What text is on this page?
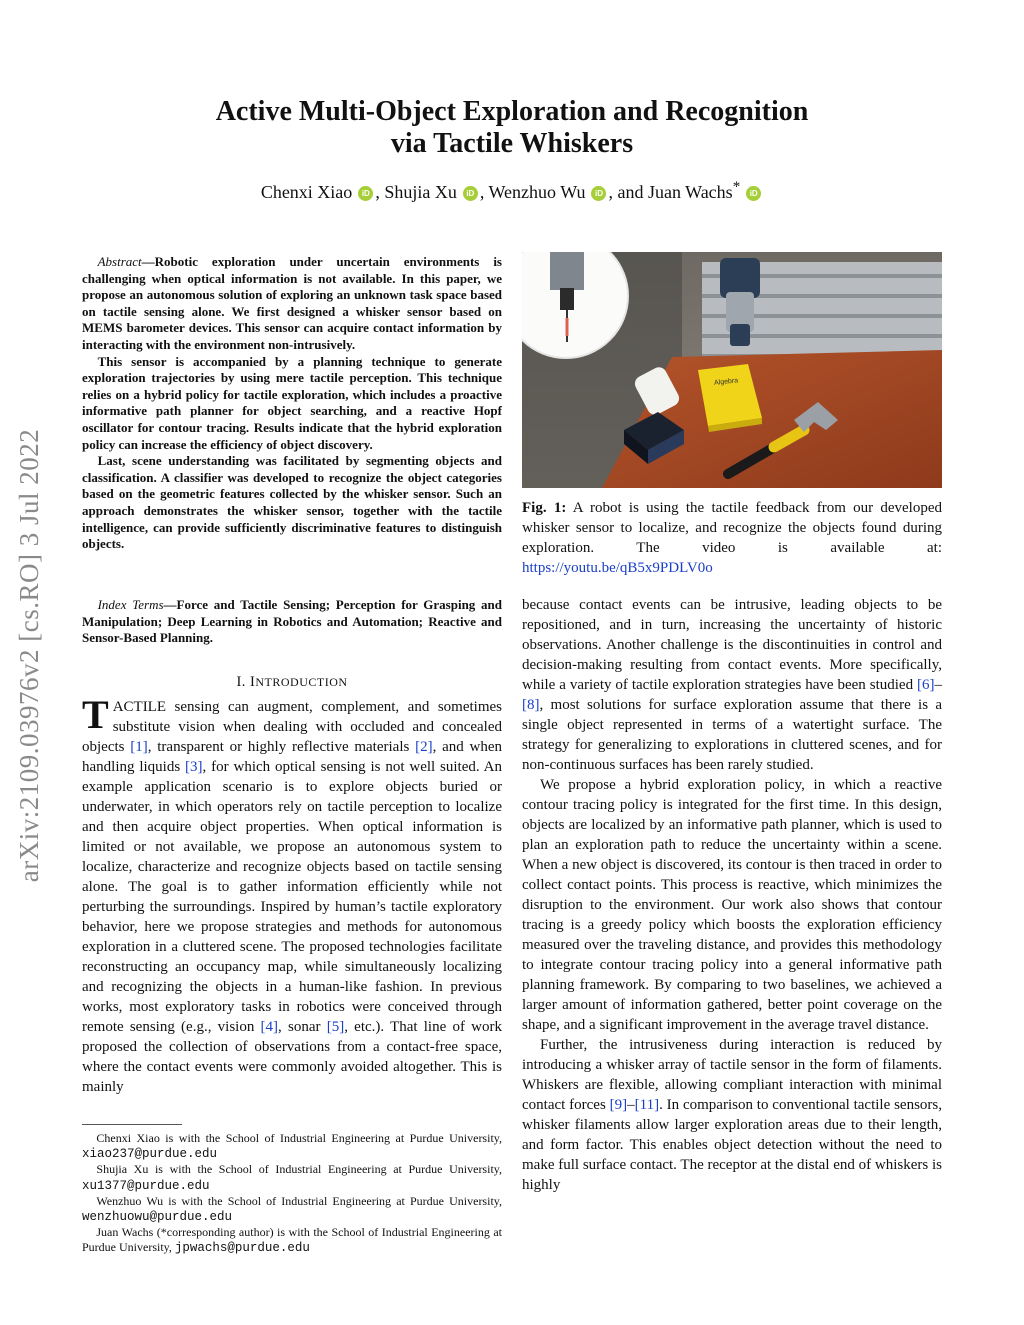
arXiv:2109.03976v2 [cs.RO] 3 Jul 2022
Active Multi-Object Exploration and Recognition
via Tactile Whiskers
Chenxi Xiao iD , Shujia Xu iD , Wenzhuo Wu iD , and Juan Wachs* iD

Abstract—Robotic exploration under uncertain environments is challenging when optical information is not available. In this paper, we propose an autonomous solution of exploring an unknown task space based on tactile sensing alone. We first designed a whisker sensor based on MEMS barometer devices. This sensor can acquire contact information by interacting with the environment non-intrusively.

This sensor is accompanied by a planning technique to generate exploration trajectories by using mere tactile perception. This technique relies on a hybrid policy for tactile exploration, which includes a proactive informative path planner for object searching, and a reactive Hopf oscillator for contour tracing. Results indicate that the hybrid exploration policy can increase the efficiency of object discovery.

Last, scene understanding was facilitated by segmenting objects and classification. A classifier was developed to recognize the object categories based on the geometric features collected by the whisker sensor. Such an approach demonstrates the whisker sensor, together with the tactile intelligence, can provide sufficiently discriminative features to distinguish objects.

Index Terms—Force and Tactile Sensing; Perception for Grasping and Manipulation; Deep Learning in Robotics and Automation; Reactive and Sensor-Based Planning.
I. INTRODUCTION

TACTILE sensing can augment, complement, and sometimes substitute vision when dealing with occluded and concealed objects [1], transparent or highly reflective materials [2], and when handling liquids [3], for which optical sensing is not well suited. An example application scenario is to explore objects buried or underwater, in which operators rely on tactile perception to localize and then acquire object properties. When optical information is limited or not available, we propose an autonomous system to localize, characterize and recognize objects based on tactile sensing alone. The goal is to gather information efficiently while not perturbing the surroundings. Inspired by human’s tactile exploratory behavior, here we propose strategies and methods for autonomous exploration in a cluttered scene. The proposed technologies facilitate reconstructing an occupancy map, while simultaneously localizing and recognizing the objects in a human-like fashion. In previous works, most exploratory tasks in robotics were conceived through remote sensing (e.g., vision [4], sonar [5], etc.). That line of work proposed the collection of observations from a contact-free space, where the contact events were commonly avoided altogether. This is mainly

Chenxi Xiao is with the School of Industrial Engineering at Purdue University, xiao237@purdue.edu

Shujia Xu is with the School of Industrial Engineering at Purdue University, xu1377@purdue.edu

Wenzhuo Wu is with the School of Industrial Engineering at Purdue University, wenzhuowu@purdue.edu

Juan Wachs (*corresponding author) is with the School of Industrial Engineering at Purdue University, jpwachs@purdue.edu

Algebra
Fig. 1: A robot is using the tactile feedback from our developed whisker sensor to localize, and recognize the objects found during exploration. The video is available at: https://youtu.be/qB5x9PDLV0o

because contact events can be intrusive, leading objects to be repositioned, and in turn, increasing the uncertainty of historic observations. Another challenge is the discontinuities in control and decision-making resulting from contact events. More specifically, while a variety of tactile exploration strategies have been studied [6]–[8], most solutions for surface exploration assume that there is a single object represented in terms of a watertight surface. The strategy for generalizing to explorations in cluttered scenes, and for non-continuous surfaces has been rarely studied.

We propose a hybrid exploration policy, in which a reactive contour tracing policy is integrated for the first time. In this design, objects are localized by an informative path planner, which is used to plan an exploration path to reduce the uncertainty within a scene. When a new object is discovered, its contour is then traced in order to collect contact points. This process is reactive, which minimizes the disruption to the environment. Our work also shows that contour tracing is a greedy policy which boosts the exploration efficiency measured over the traveling distance, and provides this methodology to integrate contour tracing policy into a general informative path planning framework. By comparing to two baselines, we achieved a larger amount of information gathered, better point coverage on the shape, and a significant improvement in the average travel distance.

Further, the intrusiveness during interaction is reduced by introducing a whisker array of tactile sensor in the form of filaments. Whiskers are flexible, allowing compliant interaction with minimal contact forces [9]–[11]. In comparison to conventional tactile sensors, whisker filaments allow larger exploration areas due to their length, and form factor. This enables object detection without the need to make full surface contact. The receptor at the distal end of whiskers is highly
